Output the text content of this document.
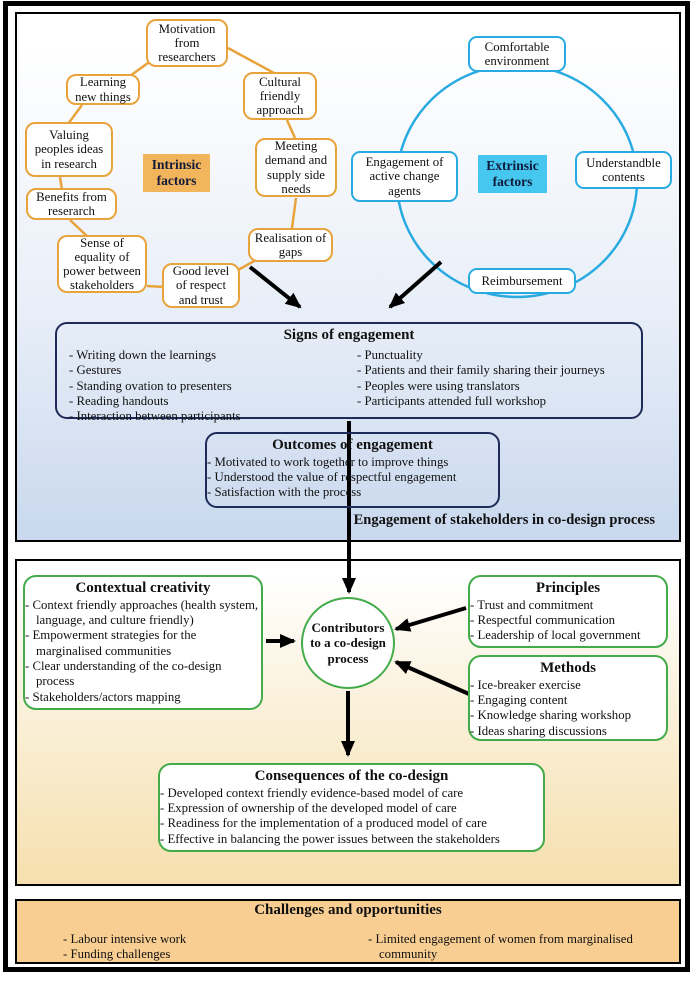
Motivation from researchers
Learning new things
Cultural friendly approach
Valuing peoples ideas in research
Meeting demand and supply side needs
Benefits from reserarch
Sense of equality of power between stakeholders
Realisation of gaps
Good level of respect and trust
Intrinsic factors
Comfortable environment
Understandble contents
Reimbursement
Engagement of active change agents
Extrinsic factors
Signs of engagement
- Writing down the learnings
- Gestures
- Standing ovation to presenters
- Reading handouts
- Interaction between participants
- Punctuality
- Patients and their family sharing their journeys
- Peoples were using translators
- Participants attended full workshop
Outcomes of engagement
- Motivated to work together to improve things
- Understood the value of respectful engagement
- Satisfaction with the process
Engagement of stakeholders in co-design process
Contextual creativity
- Context friendly approaches (health system, language, and culture friendly)
- Empowerment strategies for the marginalised communities
- Clear understanding of the co-design process
- Stakeholders/actors mapping
Principles
- Trust and commitment
- Respectful communication
- Leadership of local government
Methods
- Ice-breaker exercise
- Engaging content
- Knowledge sharing workshop
- Ideas sharing discussions
Contributors to a co-design process
Consequences of the co-design
- Developed context friendly evidence-based model of care
- Expression of ownership of the developed model of care
- Readiness for the implementation of a produced model of care
- Effective in balancing the power issues between the stakeholders
Challenges and opportunities
- Labour intensive work
- Funding challenges
- Limited engagement of women from marginalised community
